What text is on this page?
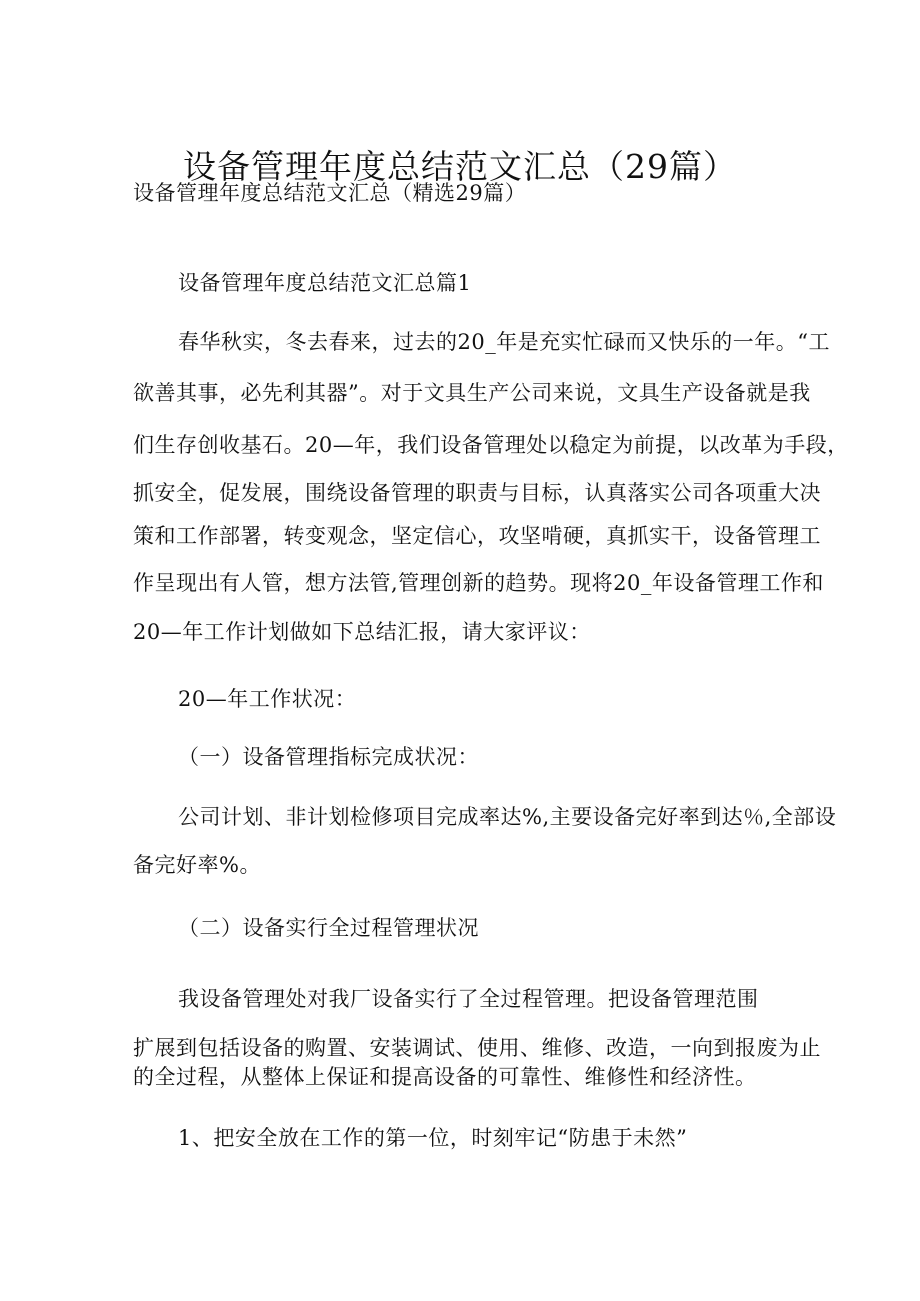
设备管理年度总结范文汇总（29篇）
设备管理年度总结范文汇总（精选29篇）
设备管理年度总结范文汇总篇1
春华秋实，冬去春来，过去的20_年是充实忙碌而又快乐的一年。“工
欲善其事，必先利其器”。对于文具生产公司来说，文具生产设备就是我
们生存创收基石。20—年，我们设备管理处以稳定为前提，以改革为手段，
抓安全，促发展，围绕设备管理的职责与目标，认真落实公司各项重大决
策和工作部署，转变观念，坚定信心，攻坚啃硬，真抓实干，设备管理工
作呈现出有人管，想方法管,管理创新的趋势。现将20_年设备管理工作和
20—年工作计划做如下总结汇报，请大家评议：
20—年工作状况：
（一）设备管理指标完成状况：
公司计划、非计划检修项目完成率达%,主要设备完好率到达％,全部设
备完好率%。
（二）设备实行全过程管理状况
我设备管理处对我厂设备实行了全过程管理。把设备管理范围
扩展到包括设备的购置、安装调试、使用、维修、改造，一向到报废为止
的全过程，从整体上保证和提高设备的可靠性、维修性和经济性。
1、把安全放在工作的第一位，时刻牢记“防患于未然”
